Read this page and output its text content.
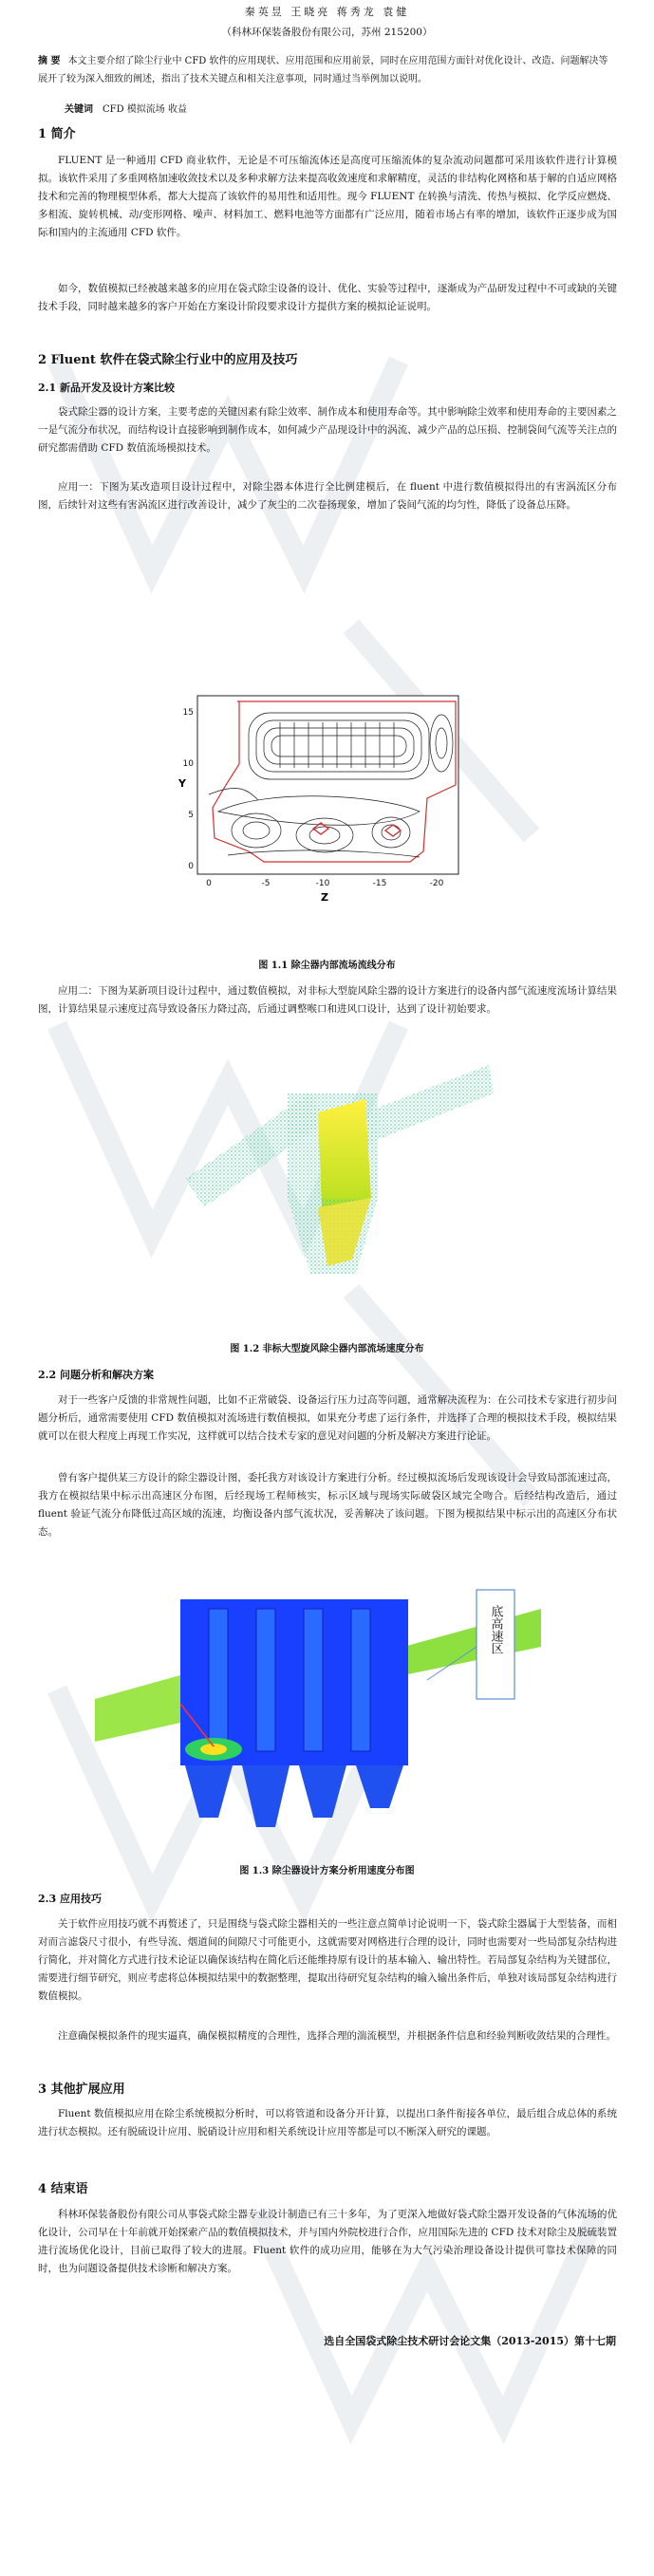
秦英昱 王晓亮 蒋秀龙 袁健
（科林环保装备股份有限公司，苏州 215200）
摘 要 本文主要介绍了除尘行业中 CFD 软件的应用现状、应用范围和应用前景，同时在应用范围方面针对优化设计、改造、问题解决等展开了较为深入细致的阐述，指出了技术关键点和相关注意事项，同时通过当举例加以说明。
关键词 CFD 模拟流场 收益
1 简介
FLUENT 是一种通用 CFD 商业软件，无论是不可压缩流体还是高度可压缩流体的复杂流动问题都可采用该软件进行计算模拟。该软件采用了多重网格加速收敛技术以及多种求解方法来提高收敛速度和求解精度，灵活的非结构化网格和基于解的自适应网格技术和完善的物理模型体系，都大大提高了该软件的易用性和适用性。现今 FLUENT 在转换与清洗、传热与模拟、化学反应燃烧、多相流、旋转机械、动/变形网格、噪声、材料加工、燃料电池等方面都有广泛应用，随着市场占有率的增加，该软件正逐步成为国际和国内的主流通用 CFD 软件。
如今，数值模拟已经被越来越多的应用在袋式除尘设备的设计、优化、实验等过程中，逐渐成为产品研发过程中不可或缺的关键技术手段，同时越来越多的客户开始在方案设计阶段要求设计方提供方案的模拟论证说明。
2 Fluent 软件在袋式除尘行业中的应用及技巧
2.1 新品开发及设计方案比较
袋式除尘器的设计方案，主要考虑的关键因素有除尘效率、制作成本和使用寿命等。其中影响除尘效率和使用寿命的主要因素之一是气流分布状况，而结构设计直接影响到制作成本，如何减少产品现设计中的涡流、减少产品的总压损、控制袋间气流等关注点的研究都需借助 CFD 数值流场模拟技术。
应用一：下图为某改造项目设计过程中，对除尘器本体进行全比例建模后，在 fluent 中进行数值模拟得出的有害涡流区分布图，后续针对这些有害涡流区进行改善设计，减少了灰尘的二次卷扬现象，增加了袋间气流的均匀性，降低了设备总压降。
0
5
10
15
0	-5	-10	-15	-20
Y
Z
图 1.1 除尘器内部流场流线分布
应用二：下图为某新项目设计过程中，通过数值模拟，对非标大型旋风除尘器的设计方案进行的设备内部气流速度流场计算结果图，计算结果显示速度过高导致设备压力降过高，后通过调整喉口和进风口设计，达到了设计初始要求。
图 1.2 非标大型旋风除尘器内部流场速度分布
2.2 问题分析和解决方案
对于一些客户反馈的非常规性问题，比如不正常破袋、设备运行压力过高等问题，通常解决流程为：在公司技术专家进行初步问题分析后，通常需要使用 CFD 数值模拟对流场进行数值模拟，如果充分考虑了运行条件，并选择了合理的模拟技术手段，模拟结果就可以在很大程度上再现工作实况，这样就可以结合技术专家的意见对问题的分析及解决方案进行论证。
曾有客户提供某三方设计的除尘器设计图，委托我方对该设计方案进行分析。经过模拟流场后发现该设计会导致局部流速过高，我方在模拟结果中标示出高速区分布图，后经现场工程师核实，标示区域与现场实际破袋区域完全吻合。后经结构改造后，通过 fluent 验证气流分布降低过高区域的流速，均衡设备内部气流状况，妥善解决了该问题。下图为模拟结果中标示出的高速区分布状态。
底高速区
图 1.3 除尘器设计方案分析用速度分布图
2.3 应用技巧
关于软件应用技巧就不再赘述了，只是围绕与袋式除尘器相关的一些注意点简单讨论说明一下，袋式除尘器属于大型装备，而相对而言滤袋尺寸很小，有些导流、烟道间的间隙尺寸可能更小，这就需要对网格进行合理的设计，同时也需要对一些局部复杂结构进行简化，并对简化方式进行技术论证以确保该结构在简化后还能维持原有设计的基本输入、输出特性。若局部复杂结构为关键部位，需要进行细节研究，则应考虑将总体模拟结果中的数据整理，提取出待研究复杂结构的输入输出条件后，单独对该局部复杂结构进行数值模拟。
注意确保模拟条件的现实逼真，确保模拟精度的合理性，选择合理的湍流模型，并根据条件信息和经验判断收敛结果的合理性。
3 其他扩展应用
Fluent 数值模拟应用在除尘系统模拟分析时，可以将管道和设备分开计算，以提出口条件衔接各单位，最后组合成总体的系统进行状态模拟。还有脱硫设计应用、脱硝设计应用和相关系统设计应用等都是可以不断深入研究的课题。
4 结束语
科林环保装备股份有限公司从事袋式除尘器专业设计制造已有三十多年，为了更深入地做好袋式除尘器开发设备的气体流场的优化设计，公司早在十年前就开始探索产品的数值模拟技术，并与国内外院校进行合作，应用国际先进的 CFD 技术对除尘及脱硫装置进行流场优化设计，目前已取得了较大的进展。Fluent 软件的成功应用，能够在为大气污染治理设备设计提供可靠技术保障的同时，也为问题设备提供技术诊断和解决方案。
选自全国袋式除尘技术研讨会论文集（2013-2015）第十七期
